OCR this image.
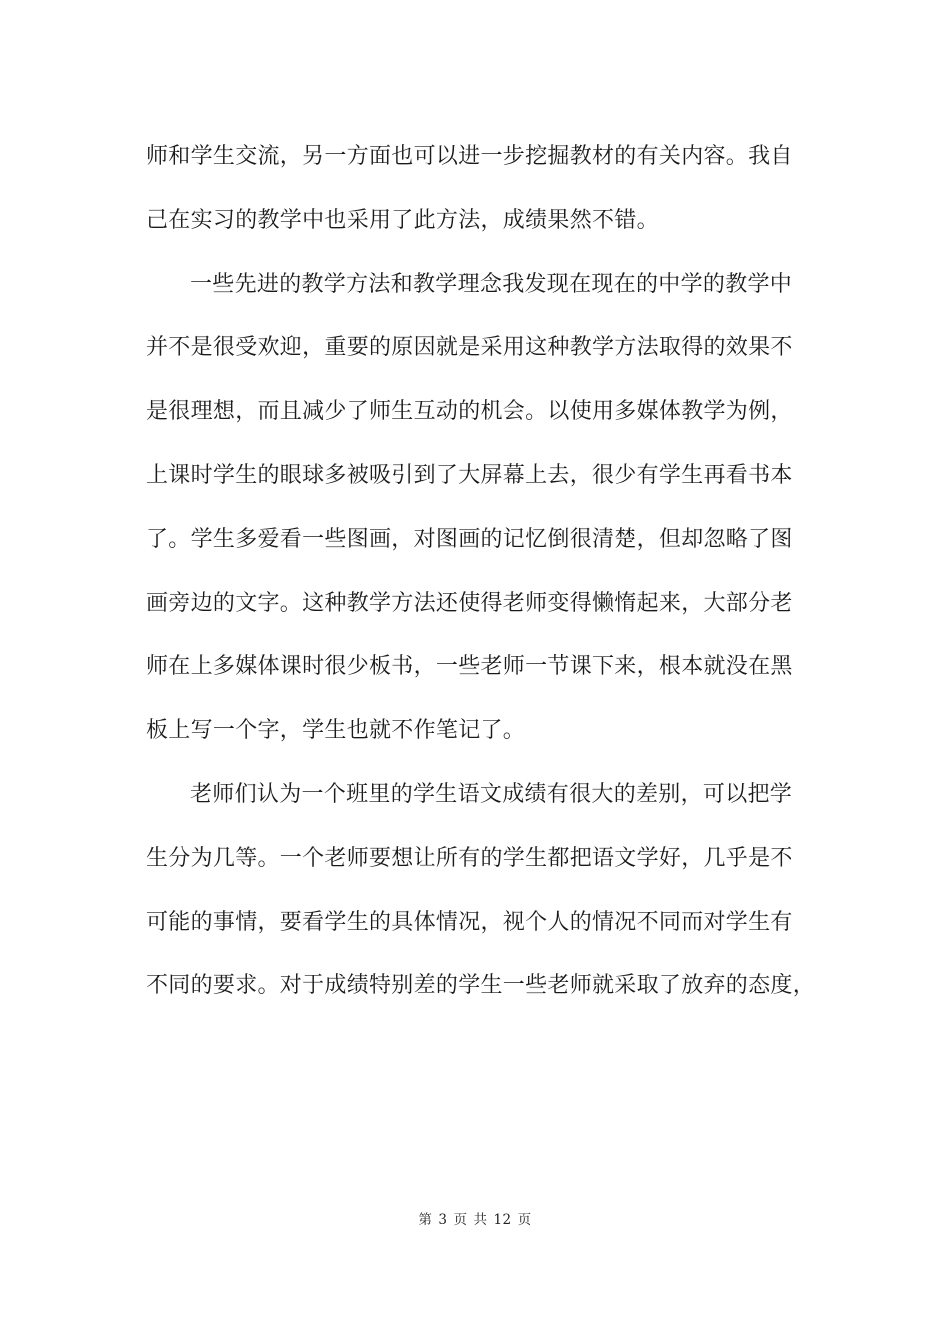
师和学生交流，另一方面也可以进一步挖掘教材的有关内容。我自
己在实习的教学中也采用了此方法，成绩果然不错。
一些先进的教学方法和教学理念我发现在现在的中学的教学中
并不是很受欢迎，重要的原因就是采用这种教学方法取得的效果不
是很理想，而且减少了师生互动的机会。以使用多媒体教学为例，
上课时学生的眼球多被吸引到了大屏幕上去，很少有学生再看书本
了。学生多爱看一些图画，对图画的记忆倒很清楚，但却忽略了图
画旁边的文字。这种教学方法还使得老师变得懒惰起来，大部分老
师在上多媒体课时很少板书，一些老师一节课下来，根本就没在黑
板上写一个字，学生也就不作笔记了。
老师们认为一个班里的学生语文成绩有很大的差别，可以把学
生分为几等。一个老师要想让所有的学生都把语文学好，几乎是不
可能的事情，要看学生的具体情况，视个人的情况不同而对学生有
不同的要求。对于成绩特别差的学生一些老师就采取了放弃的态度，
第 3 页 共 12 页
